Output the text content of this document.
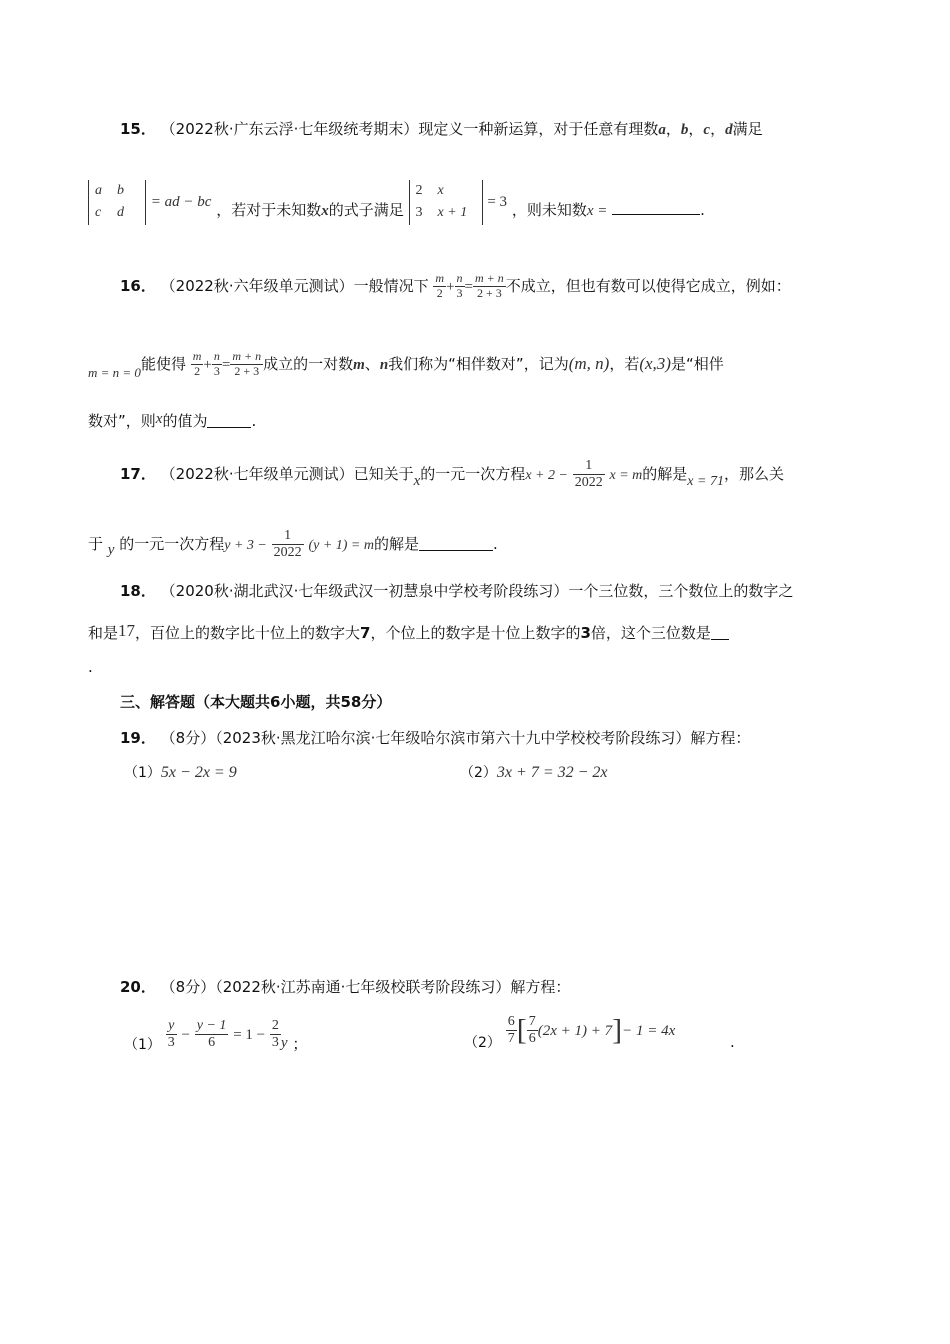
15． （2022秋·广东云浮·七年级统考期末）现定义一种新运算，对于任意有理数a，b，c，d满足
a b
c d
= ad − bc ，若对于未知数x的式子满足
2 x
3 x + 1
= 3 ，则未知数x =	.
16． （2022秋·六年级单元测试）一般情况下 $\frac{m}{2} + \frac{n}{3} = \frac{m + n}{2 + 3}$ 不成立，但也有数可以使得它成立，例如：
m = n = 0能使得 $\frac{m}{2} + \frac{n}{3} = \frac{m + n}{2 + 3}$ 成立的一对数m、n我们称为“相伴数对”，记为(m, n)，若(x,3)是“相伴
数对”，则x的值为	.
17． （2022秋·七年级单元测试）已知关于x的一元一次方程$x + 2 - \frac{1}{2022}$ x = m的解是x = 71，那么关
于 y 的一元一次方程$y + 3 - \frac{1}{2022} (y + 1) = m$的解是	.
18． （2020秋·湖北武汉·七年级武汉一初慧泉中学校考阶段练习）一个三位数，三个数位上的数字之
和是17，百位上的数字比十位上的数字大7，个位上的数字是十位上数字的3倍，这个三位数是
.
三、解答题（本大题共6小题，共58分）
19． （8分）（2023秋·黑龙江哈尔滨·七年级哈尔滨市第六十九中学校校考阶段练习）解方程：
（1）5x − 2x = 9	（2）3x + 7 = 32 − 2x
20． （8分）（2022秋·江苏南通·七年级校联考阶段练习）解方程：
$(1) \frac{y}{3} - \frac{y - 1}{6} = 1 - \frac{2}{3}$ y ；	$(2) \frac{6}{7}$ [ $\frac{7}{6} (2x + 1) + 7]- 1 = 4x$ .
